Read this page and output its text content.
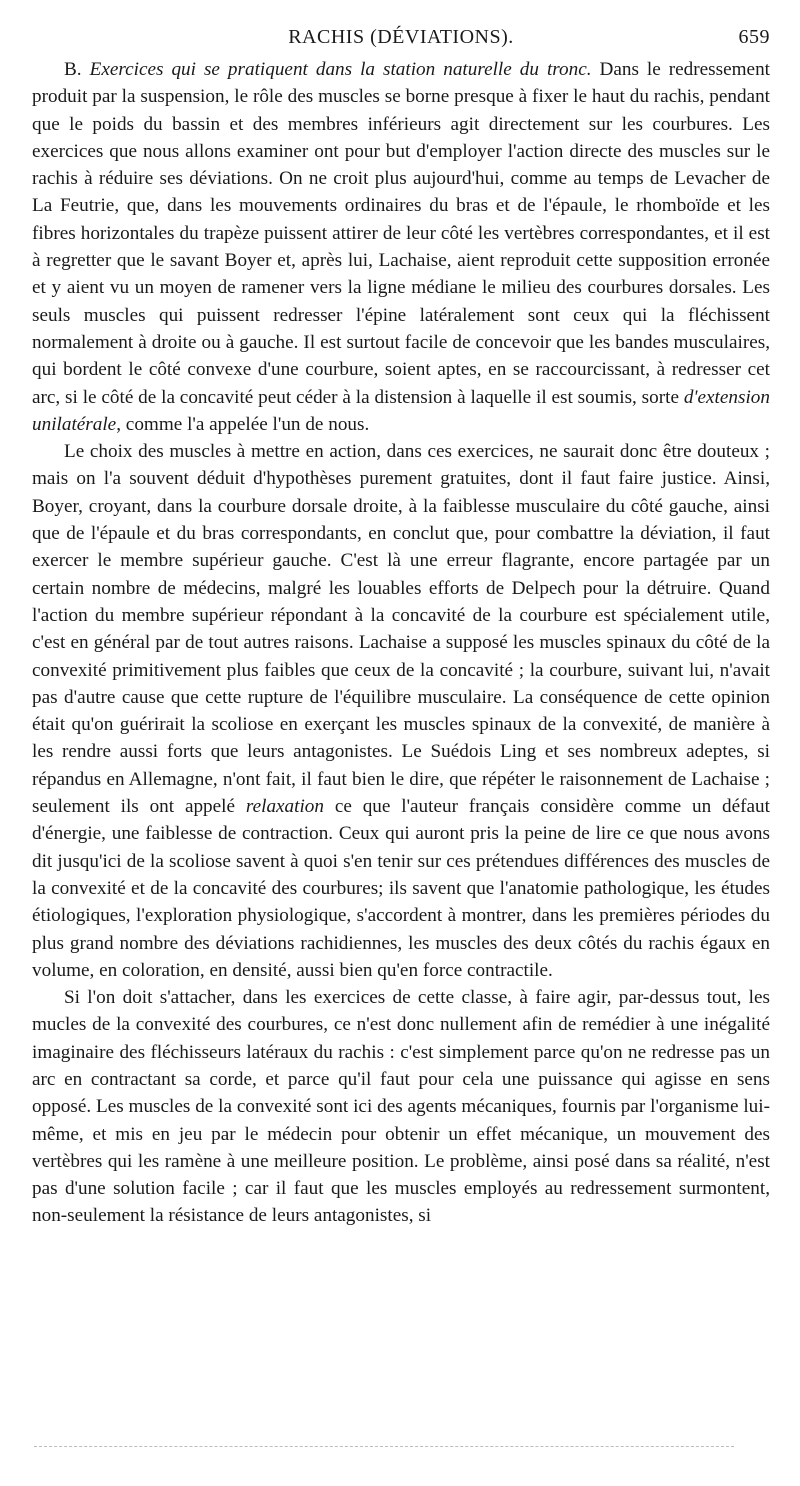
RACHIS (DÉVIATIONS).	659

B. Exercices qui se pratiquent dans la station naturelle du tronc. Dans le redressement produit par la suspension, le rôle des muscles se borne presque à fixer le haut du rachis, pendant que le poids du bassin et des membres inférieurs agit directement sur les courbures. Les exercices que nous allons examiner ont pour but d'employer l'action directe des muscles sur le rachis à réduire ses déviations. On ne croit plus aujourd'hui, comme au temps de Levacher de La Feutrie, que, dans les mouvements ordinaires du bras et de l'épaule, le rhomboïde et les fibres horizontales du trapèze puissent attirer de leur côté les vertèbres correspondantes, et il est à regretter que le savant Boyer et, après lui, Lachaise, aient reproduit cette supposition erronée et y aient vu un moyen de ramener vers la ligne médiane le milieu des courbures dorsales. Les seuls muscles qui puissent redresser l'épine latéralement sont ceux qui la fléchissent normalement à droite ou à gauche. Il est surtout facile de concevoir que les bandes musculaires, qui bordent le côté convexe d'une courbure, soient aptes, en se raccourcissant, à redresser cet arc, si le côté de la concavité peut céder à la distension à laquelle il est soumis, sorte d'extension unilatérale, comme l'a appelée l'un de nous.

Le choix des muscles à mettre en action, dans ces exercices, ne saurait donc être douteux ; mais on l'a souvent déduit d'hypothèses purement gratuites, dont il faut faire justice. Ainsi, Boyer, croyant, dans la courbure dorsale droite, à la faiblesse musculaire du côté gauche, ainsi que de l'épaule et du bras correspondants, en conclut que, pour combattre la déviation, il faut exercer le membre supérieur gauche. C'est là une erreur flagrante, encore partagée par un certain nombre de médecins, malgré les louables efforts de Delpech pour la détruire. Quand l'action du membre supérieur répondant à la concavité de la courbure est spécialement utile, c'est en général par de tout autres raisons. Lachaise a supposé les muscles spinaux du côté de la convexité primitivement plus faibles que ceux de la concavité ; la courbure, suivant lui, n'avait pas d'autre cause que cette rupture de l'équilibre musculaire. La conséquence de cette opinion était qu'on guérirait la scoliose en exerçant les muscles spinaux de la convexité, de manière à les rendre aussi forts que leurs antagonistes. Le Suédois Ling et ses nombreux adeptes, si répandus en Allemagne, n'ont fait, il faut bien le dire, que répéter le raisonnement de Lachaise ; seulement ils ont appelé relaxation ce que l'auteur français considère comme un défaut d'énergie, une faiblesse de contraction. Ceux qui auront pris la peine de lire ce que nous avons dit jusqu'ici de la scoliose savent à quoi s'en tenir sur ces prétendues différences des muscles de la convexité et de la concavité des courbures; ils savent que l'anatomie pathologique, les études étiologiques, l'exploration physiologique, s'accordent à montrer, dans les premières périodes du plus grand nombre des déviations rachidiennes, les muscles des deux côtés du rachis égaux en volume, en coloration, en densité, aussi bien qu'en force contractile.

Si l'on doit s'attacher, dans les exercices de cette classe, à faire agir, par-dessus tout, les mucles de la convexité des courbures, ce n'est donc nullement afin de remédier à une inégalité imaginaire des fléchisseurs latéraux du rachis : c'est simplement parce qu'on ne redresse pas un arc en contractant sa corde, et parce qu'il faut pour cela une puissance qui agisse en sens opposé. Les muscles de la convexité sont ici des agents mécaniques, fournis par l'organisme lui-même, et mis en jeu par le médecin pour obtenir un effet mécanique, un mouvement des vertèbres qui les ramène à une meilleure position. Le problème, ainsi posé dans sa réalité, n'est pas d'une solution facile ; car il faut que les muscles employés au redressement surmontent, non-seulement la résistance de leurs antagonistes, si
